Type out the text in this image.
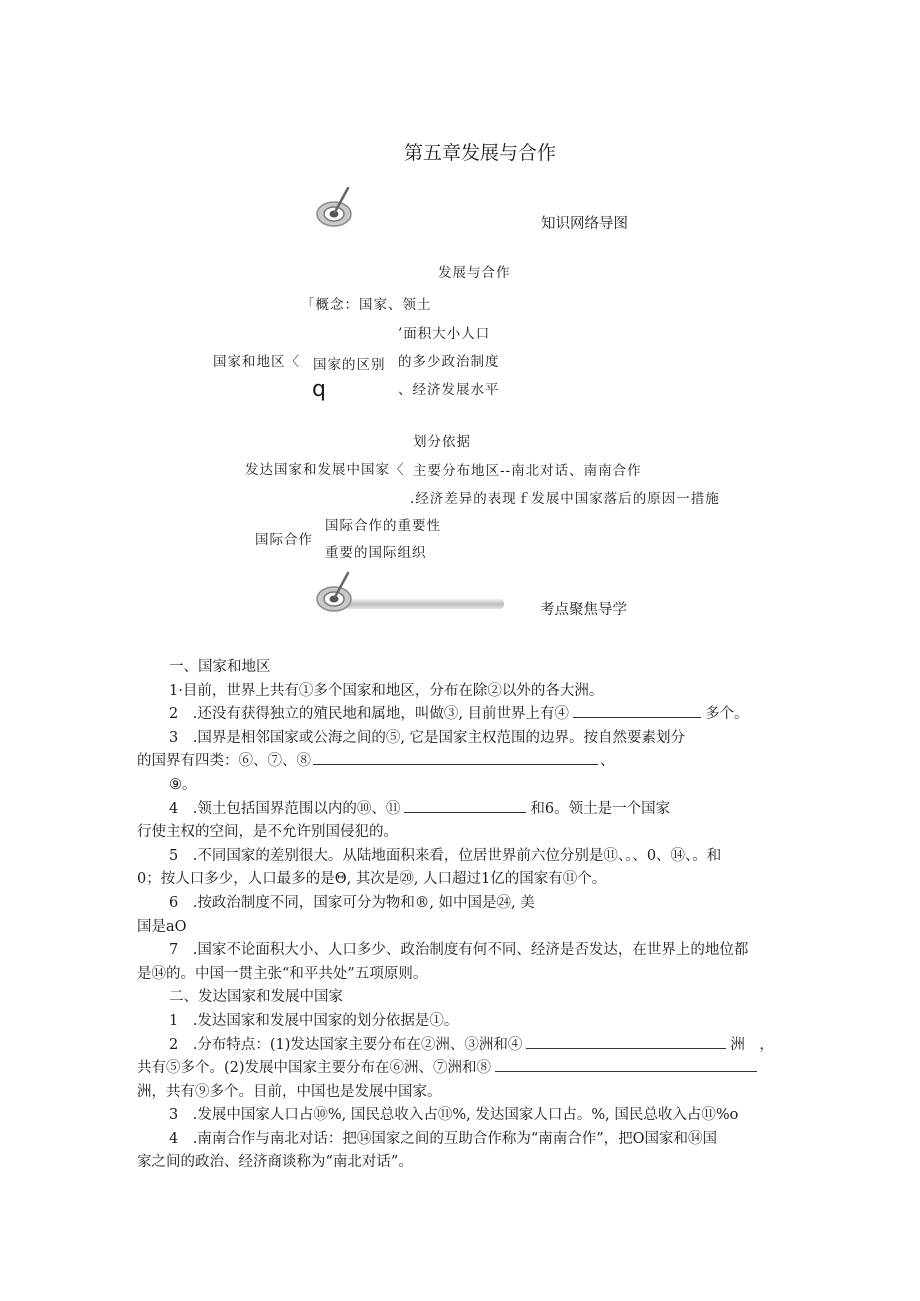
第五章发展与合作
知识网络导图
发展与合作
「概念：国家、领土
’面积大小人口
国家和地区〈 国家的区别 的多少政治制度
q	、经济发展水平
划分依据
发达国家和发展中国家〈 主要分布地区--南北对话、南南合作
.经济差异的表现ｆ发展中国家落后的原因一措施
国际合作的重要性
国际合作
重要的国际组织
考点聚焦导学
一、国家和地区
1·目前，世界上共有①多个国家和地区，分布在除②以外的各大洲。
2　.还没有获得独立的殖民地和属地，叫做③, 目前世界上有④	多个。
3　.国界是相邻国家或公海之间的⑤, 它是国家主权范围的边界。按自然要素划分
的国界有四类：⑥、⑦、⑧	、
⑨。
4　.领土包括国界范围以内的⑩、⑪	和6。领土是一个国家
行使主权的空间，是不允许别国侵犯的。
5　.不同国家的差别很大。从陆地面积来看，位居世界前六位分别是⑪、。、0、⑭、。和
0；按人口多少，人口最多的是Θ, 其次是⑳, 人口超过1亿的国家有⑪个。
6　.按政治制度不同，国家可分为物和®, 如中国是㉔, 美
国是aO
7　.国家不论面积大小、人口多少、政治制度有何不同、经济是否发达，在世界上的地位都
是⑭的。中国一贯主张“和平共处”五项原则。
二、发达国家和发展中国家
1　.发达国家和发展中国家的划分依据是①。
2　.分布特点：(1)发达国家主要分布在②洲、③洲和④	洲　，
共有⑤多个。(2)发展中国家主要分布在⑥洲、⑦洲和⑧
洲，共有⑨多个。目前，中国也是发展中国家。
3　.发展中国家人口占⑩%, 国民总收入占⑪%, 发达国家人口占。%, 国民总收入占⑪%o
4　.南南合作与南北对话：把⑭国家之间的互助合作称为“南南合作”，把O国家和⑭国
家之间的政治、经济商谈称为“南北对话”。
